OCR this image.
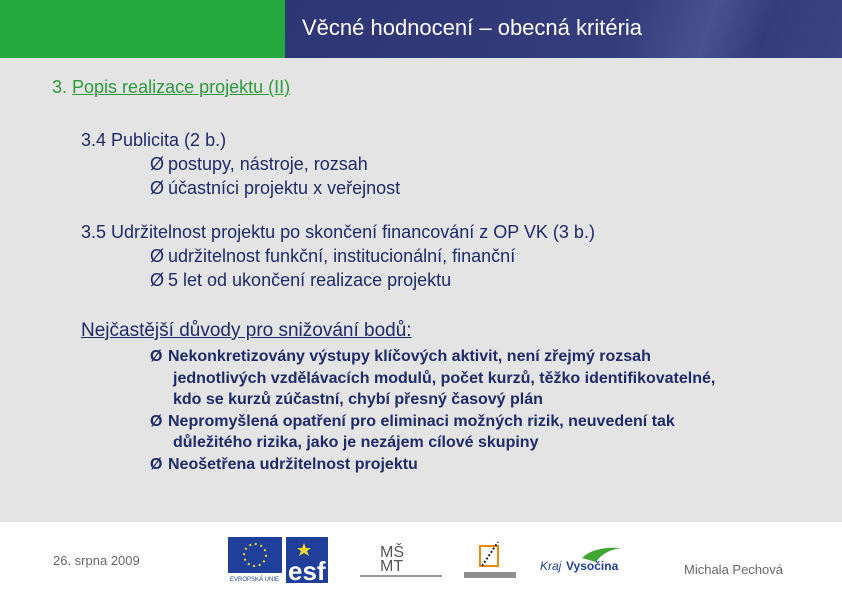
Věcné hodnocení – obecná kritéria
3. Popis realizace projektu (II)
3.4 Publicita (2 b.)
Ø postupy, nástroje, rozsah
Ø účastníci projektu x veřejnost
3.5 Udržitelnost projektu po skončení financování z OP VK (3 b.)
Ø udržitelnost funkční, institucionální, finanční
Ø 5 let od ukončení realizace projektu
Nejčastější důvody pro snižování bodů:
Ø Nekonkretizovány výstupy klíčových aktivit, není zřejmý rozsah
jednotlivých vzdělávacích modulů, počet kurzů, těžko identifikovatelné,
kdo se kurzů zúčastní, chybí přesný časový plán
Ø Nepromyšlená opatření pro eliminaci možných rizik, neuvedení tak
důležitého rizika, jako je nezájem cílové skupiny
Ø Neošetřena udržitelnost projektu
26. srpna 2009
Michala Pechová
EVROPSKÁ UNIE esf
MŠ
MT	Kraj Vysočina
